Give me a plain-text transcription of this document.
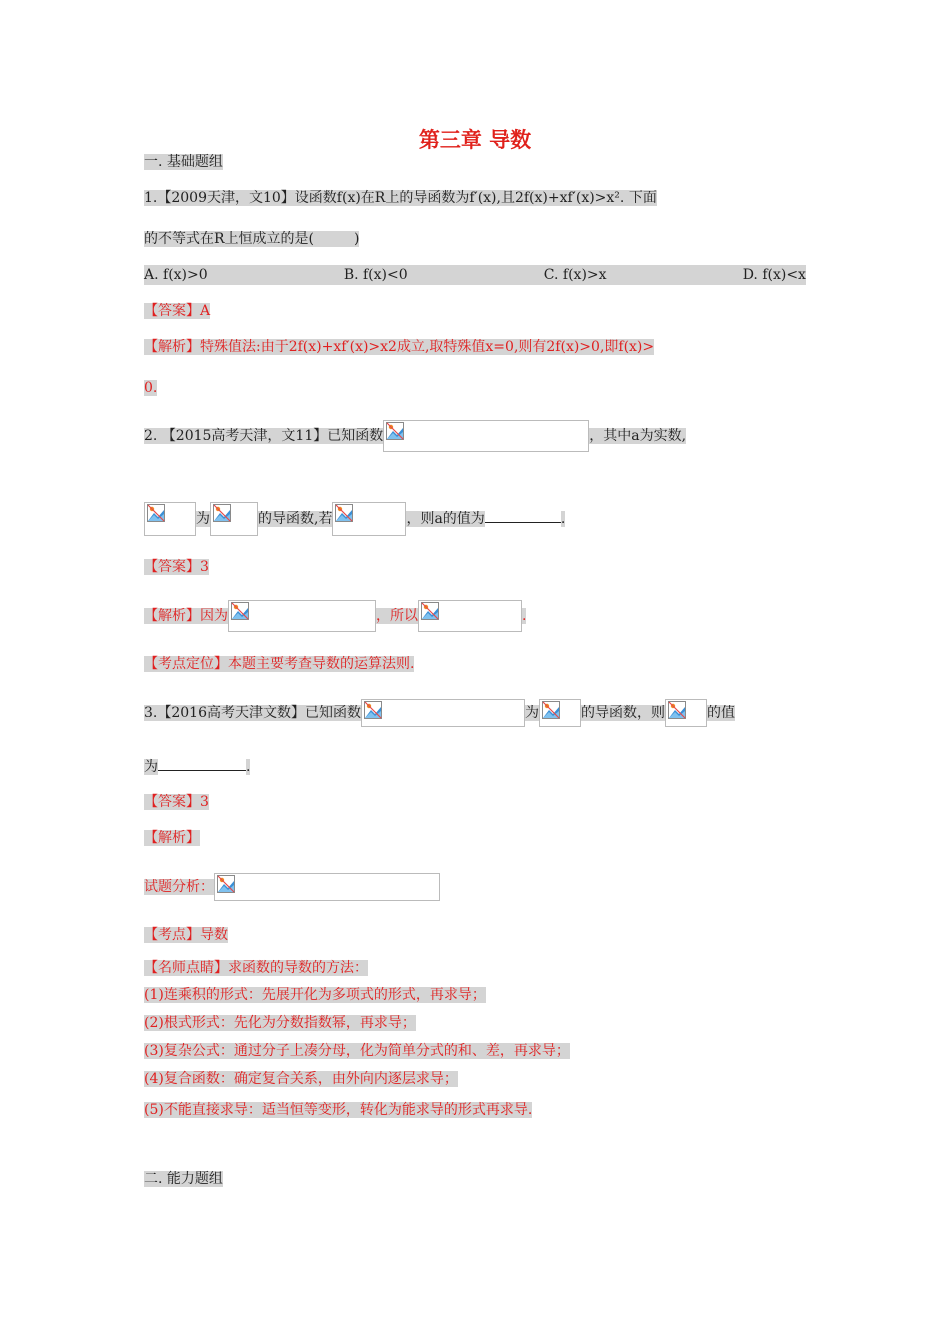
第三章 导数
一. 基础题组
1.【2009天津，文10】设函数f(x)在R上的导函数为f′(x),且2f(x)+xf′(x)>x². 下面
的不等式在R上恒成立的是(	)
A. f(x)>0	B. f(x)<0	C. f(x)>x	D. f(x)<x
【答案】A
【解析】特殊值法:由于2f(x)+xf′(x)>x2成立,取特殊值x=0,则有2f(x)>0,即f(x)>
0.
2. 【2015高考天津，文11】已知函数	，其中a为实数,
为	的导函数,若	，则a的值为	.
【答案】3
【解析】因为	，所以	.
【考点定位】本题主要考查导数的运算法则.
3.【2016高考天津文数】已知函数	为	的导函数，则	的值
为	.
【答案】3
【解析】
试题分析：
【考点】导数
【名师点睛】求函数的导数的方法：
(1)连乘积的形式：先展开化为多项式的形式，再求导；
(2)根式形式：先化为分数指数幂，再求导；
(3)复杂公式：通过分子上凑分母，化为简单分式的和、差，再求导；
(4)复合函数：确定复合关系，由外向内逐层求导；
(5)不能直接求导：适当恒等变形，转化为能求导的形式再求导.
二. 能力题组
